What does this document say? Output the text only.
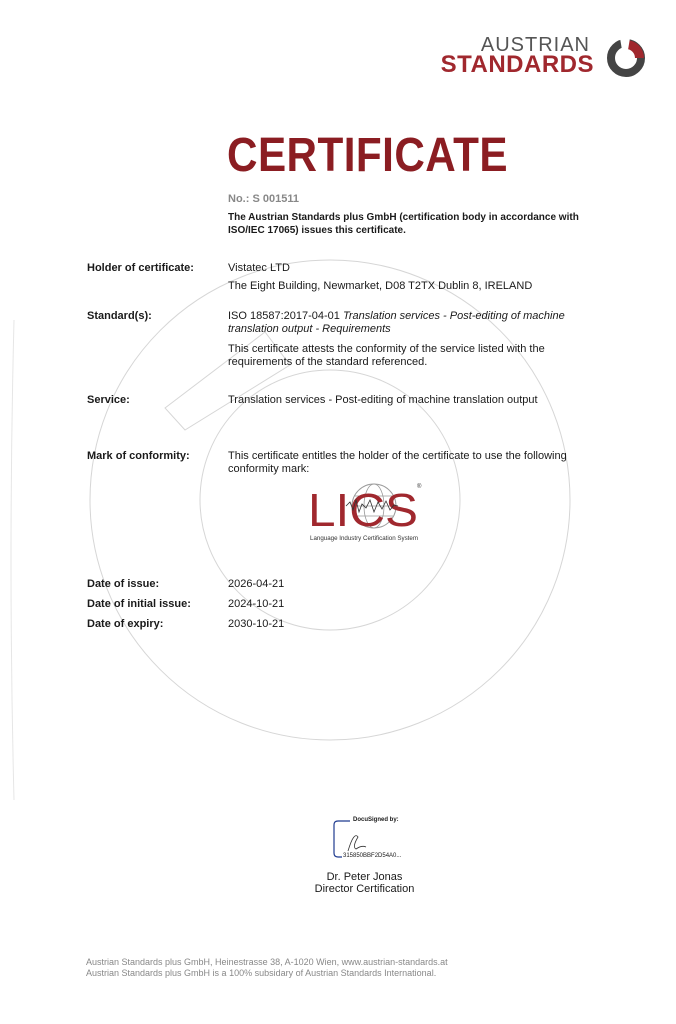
AUSTRIAN
STANDARDS
CERTIFICATE
No.: S 001511
The Austrian Standards plus GmbH (certification body in accordance with ISO/IEC 17065) issues this certificate.
Holder of certificate:	Vistatec LTD
The Eight Building, Newmarket, D08 T2TX Dublin 8, IRELAND
Standard(s):	ISO 18587:2017-04-01 Translation services - Post-editing of machine translation output - Requirements
This certificate attests the conformity of the service listed with the requirements of the standard referenced.
Service:	Translation services - Post-editing of machine translation output
Mark of conformity:	This certificate entitles the holder of the certificate to use the following conformity mark:
LICS ®
Language Industry Certification System
Date of issue:	2026-04-21
Date of initial issue:	2024-10-21
Date of expiry:	2030-10-21
DocuSigned by:
315850BBF2D54A0...
Dr. Peter Jonas
Director Certification
Austrian Standards plus GmbH, Heinestrasse 38, A-1020 Wien, www.austrian-standards.at
Austrian Standards plus GmbH is a 100% subsidary of Austrian Standards International.
